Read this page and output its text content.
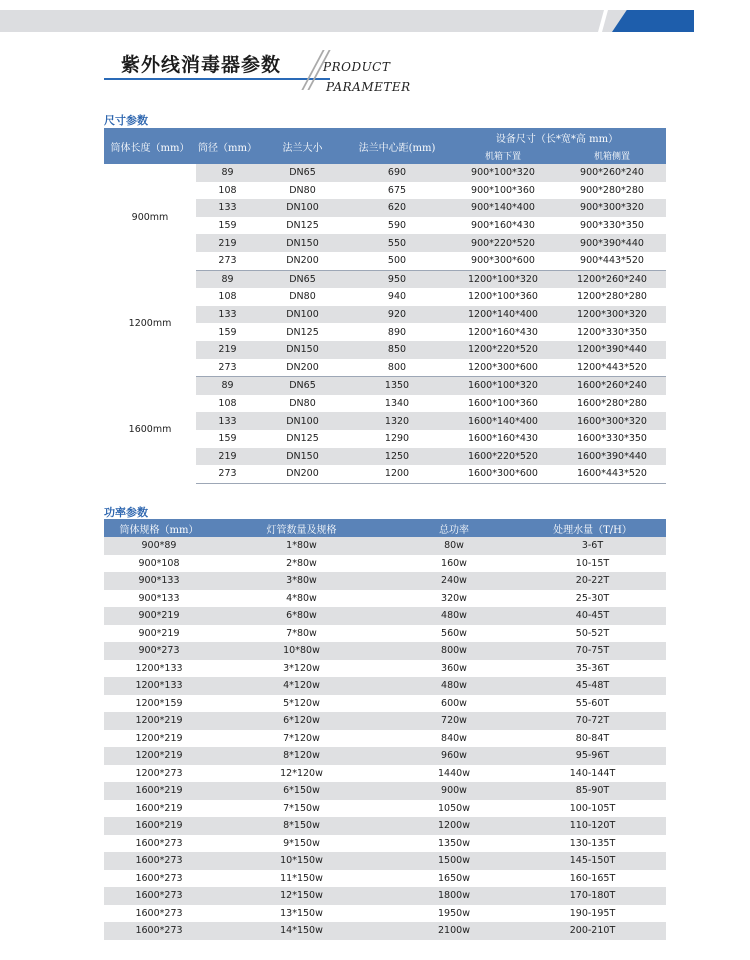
紫外线消毒器参数	PRODUCT
PARAMETER
尺寸参数
筒体长度（mm）	筒径（mm）	法兰大小	法兰中心距(mm)	设备尺寸（长*宽*高 mm）	
				机箱下置	机箱侧置
900mm	89	DN65	690	900*100*320	900*260*240
	108	DN80	675	900*100*360	900*280*280
	133	DN100	620	900*140*400	900*300*320
	159	DN125	590	900*160*430	900*330*350
	219	DN150	550	900*220*520	900*390*440
	273	DN200	500	900*300*600	900*443*520
1200mm	89	DN65	950	1200*100*320	1200*260*240
	108	DN80	940	1200*100*360	1200*280*280
	133	DN100	920	1200*140*400	1200*300*320
	159	DN125	890	1200*160*430	1200*330*350
	219	DN150	850	1200*220*520	1200*390*440
	273	DN200	800	1200*300*600	1200*443*520
1600mm	89	DN65	1350	1600*100*320	1600*260*240
	108	DN80	1340	1600*100*360	1600*280*280
	133	DN100	1320	1600*140*400	1600*300*320
	159	DN125	1290	1600*160*430	1600*330*350
	219	DN150	1250	1600*220*520	1600*390*440
	273	DN200	1200	1600*300*600	1600*443*520
功率参数
筒体规格（mm）	灯管数量及规格	总功率	处理水量（T/H）
900*89	1*80w	80w	3-6T
900*108	2*80w	160w	10-15T
900*133	3*80w	240w	20-22T
900*133	4*80w	320w	25-30T
900*219	6*80w	480w	40-45T
900*219	7*80w	560w	50-52T
900*273	10*80w	800w	70-75T
1200*133	3*120w	360w	35-36T
1200*133	4*120w	480w	45-48T
1200*159	5*120w	600w	55-60T
1200*219	6*120w	720w	70-72T
1200*219	7*120w	840w	80-84T
1200*219	8*120w	960w	95-96T
1200*273	12*120w	1440w	140-144T
1600*219	6*150w	900w	85-90T
1600*219	7*150w	1050w	100-105T
1600*219	8*150w	1200w	110-120T
1600*273	9*150w	1350w	130-135T
1600*273	10*150w	1500w	145-150T
1600*273	11*150w	1650w	160-165T
1600*273	12*150w	1800w	170-180T
1600*273	13*150w	1950w	190-195T
1600*273	14*150w	2100w	200-210T
